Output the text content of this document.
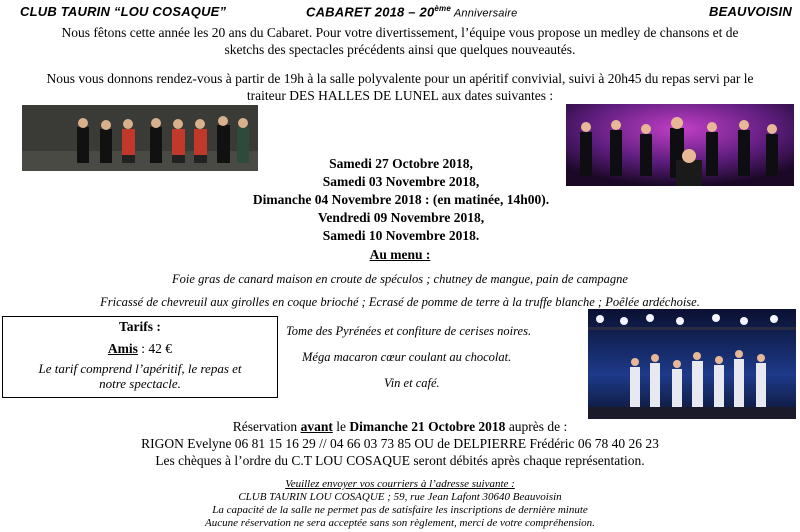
CLUB TAURIN “LOU COSAQUE”	CABARET 2018 – 20ème Anniversaire	BEAUVOISIN
Nous fêtons cette année les 20 ans du Cabaret. Pour votre divertissement, l’équipe vous propose un medley de chansons et de
sketchs des spectacles précédents ainsi que quelques nouveautés.
Nous vous donnons rendez-vous à partir de 19h à la salle polyvalente pour un apéritif convivial, suivi à 20h45 du repas servi par le
traiteur DES HALLES DE LUNEL aux dates suivantes :
Samedi 27 Octobre 2018,
Samedi 03 Novembre 2018,
Dimanche 04 Novembre 2018 : (en matinée, 14h00).
Vendredi 09 Novembre 2018,
Samedi 10 Novembre 2018.
Au menu :
Foie gras de canard maison en croute de spéculos ; chutney de mangue, pain de campagne
Fricassé de chevreuil aux girolles en coque brioché ; Ecrasé de pomme de terre à la truffe blanche ; Poêlée ardéchoise.
Tome des Pyrénées et confiture de cerises noires.
Méga macaron cœur coulant au chocolat.
Vin et café.
Tarifs :
Amis : 42 €
Le tarif comprend l’apéritif, le repas et
notre spectacle.
Réservation avant le Dimanche 21 Octobre 2018 auprès de :
RIGON Evelyne 06 81 15 16 29 // 04 66 03 73 85 OU de DELPIERRE Frédéric 06 78 40 26 23
Les chèques à l’ordre du C.T LOU COSAQUE seront débités après chaque représentation.
Veuillez envoyer vos courriers à l’adresse suivante :
CLUB TAURIN LOU COSAQUE ; 59, rue Jean Lafont 30640 Beauvoisin
La capacité de la salle ne permet pas de satisfaire les inscriptions de dernière minute
Aucune réservation ne sera acceptée sans son règlement, merci de votre compréhension.
